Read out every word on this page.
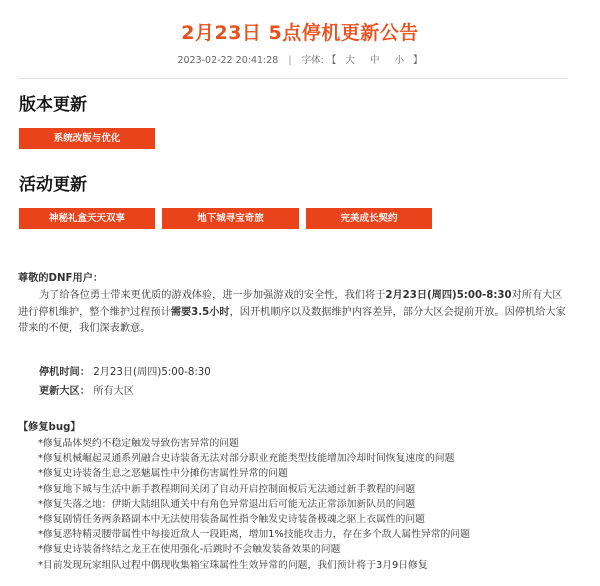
2月23日 5点停机更新公告
2023-02-22 20:41:28 | 字体: 【 大 中 小 】
版本更新
系统改版与优化
活动更新
神秘礼盒天天双享	地下城寻宝奇旅	完美成长契约
尊敬的DNF用户：
为了给各位勇士带来更优质的游戏体验，进一步加强游戏的安全性，我们将于2月23日(周四)5:00-8:30对所有大区进行停机维护，整个维护过程预计需要3.5小时，因开机顺序以及数据维护内容差异，部分大区会提前开放。因停机给大家带来的不便，我们深表歉意。
停机时间： 2月23日(周四)5:00-8:30
更新大区： 所有大区
【修复bug】
*修复晶体契约不稳定触发导致伤害异常的问题
*修复机械崛起灵通系列融合史诗装备无法对部分职业充能类型技能增加冷却时间恢复速度的问题
*修复史诗装备生息之恶魅属性中分摊伤害属性异常的问题
*修复地下城与生活中新手教程期间关闭了自动开启控制面板后无法通过新手教程的问题
*修复失落之地：伊斯大陆组队通关中有角色异常退出后可能无法正常添加新队员的问题
*修复剧情任务两条路副本中无法使用装备属性指令触发史诗装备极魂之驱上衣属性的问题
*修复恶特精灵腰带属性中每接近敌人一段距离，增加1%技能攻击力，存在多个敌人属性异常的问题
*修复史诗装备终结之龙王在使用强化-后跳时不会触发装备效果的问题
*目前发现玩家组队过程中偶现收集箱宝珠属性生效异常的问题，我们预计将于3月9日修复
